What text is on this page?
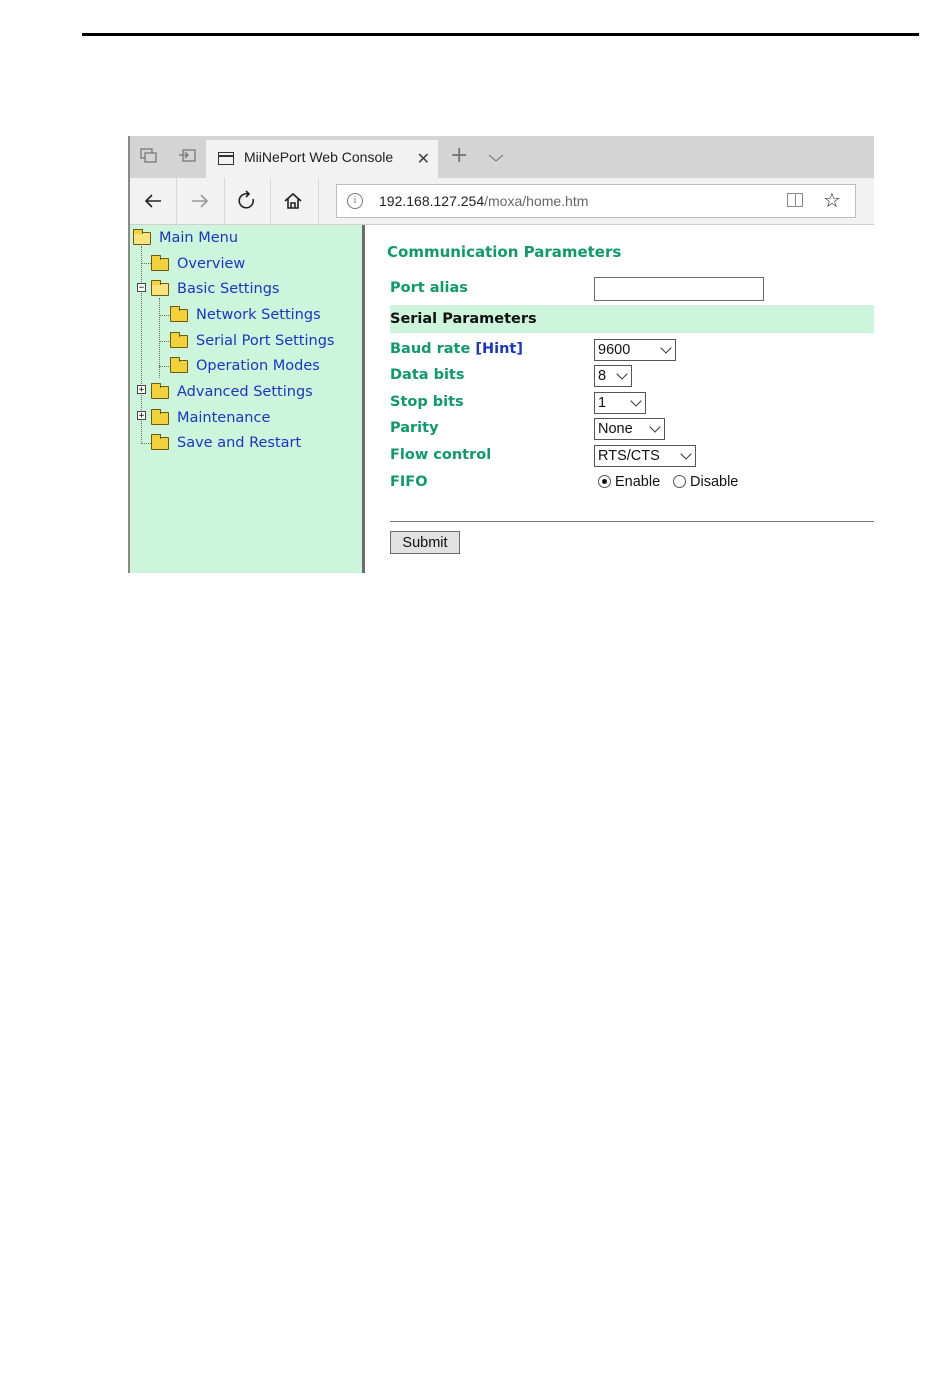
MiiNePort Web Console ✕ +
i	192.168.127.254/moxa/home.htm	☆
Main Menu
Overview
− Basic Settings
Network Settings
Serial Port Settings
Operation Modes
+ Advanced Settings
+ Maintenance
Save and Restart
Communication Parameters
Port alias
Serial Parameters
Baud rate [Hint]	9600
Data bits	8
Stop bits	1
Parity	None
Flow control	RTS/CTS
FIFO	Enable Disable
Submit
